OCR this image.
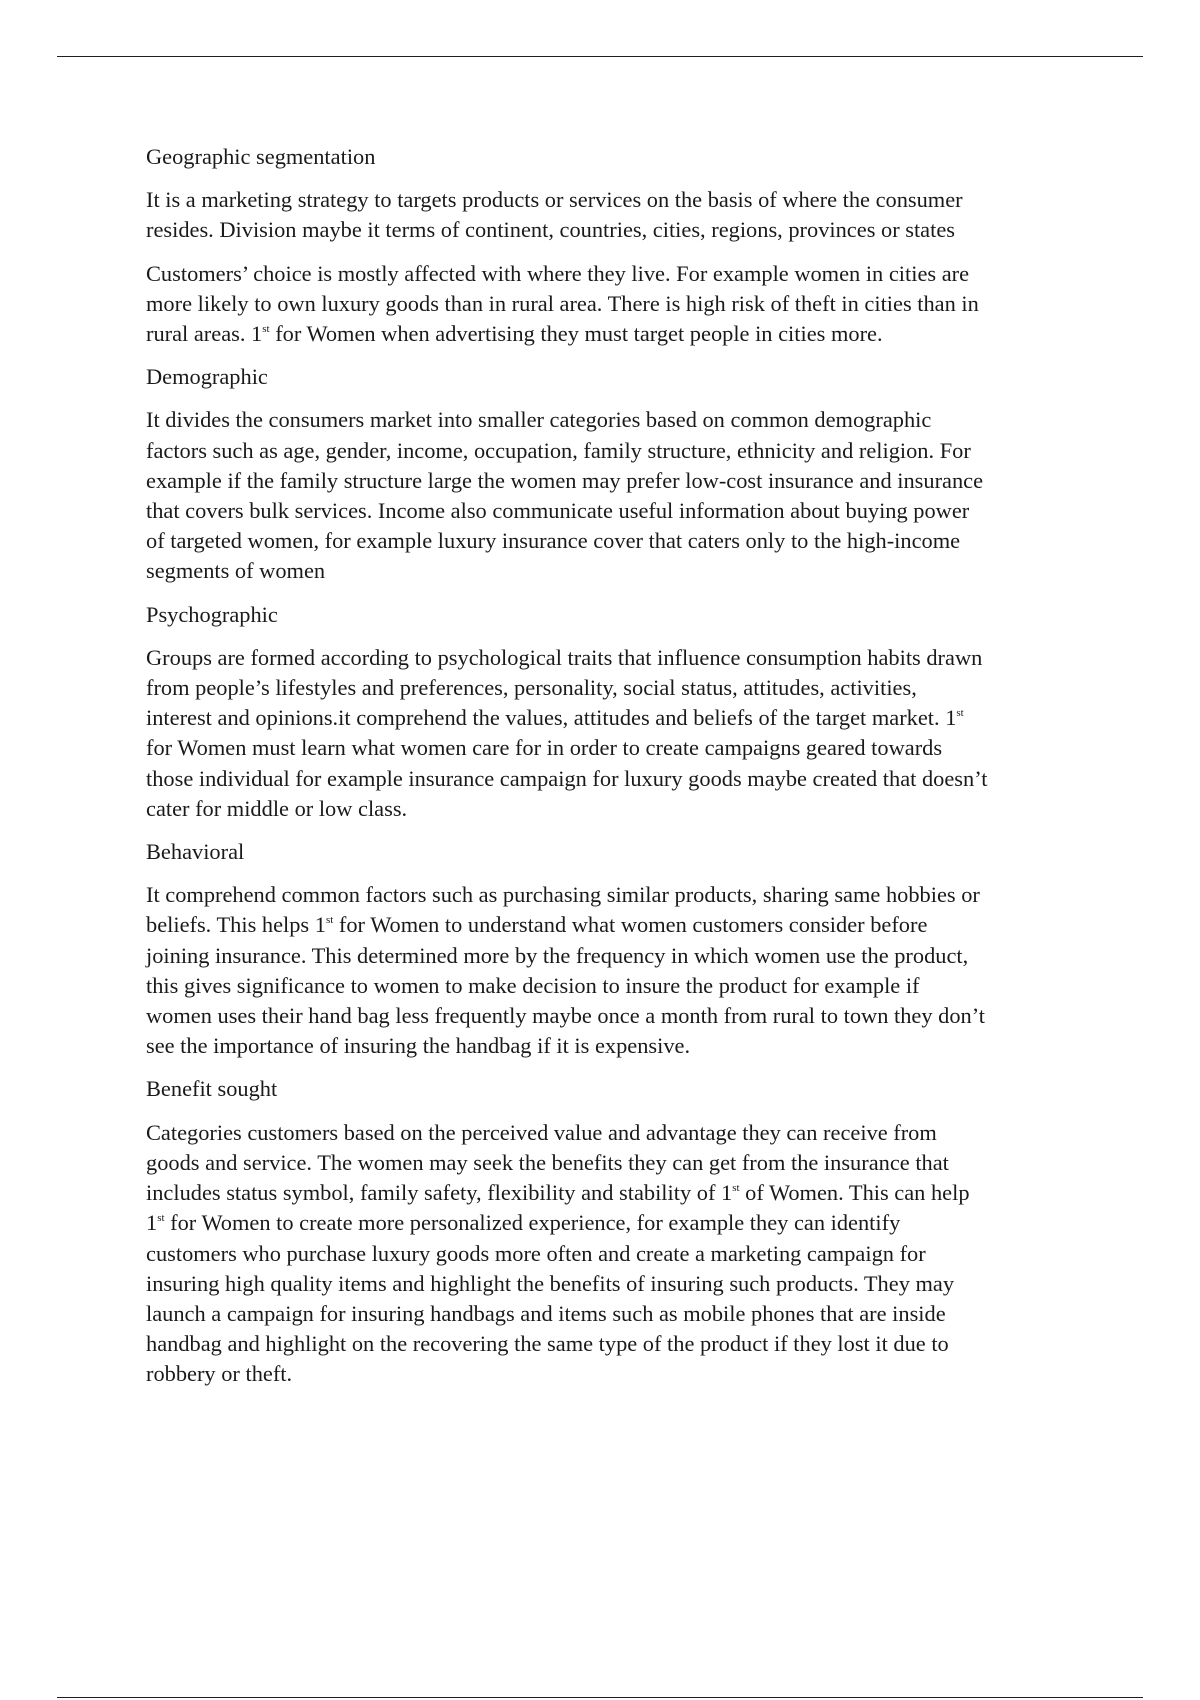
Geographic segmentation

It is a marketing strategy to targets products or services on the basis of where the consumer
resides. Division maybe it terms of continent, countries, cities, regions, provinces or states

Customers’ choice is mostly affected with where they live. For example women in cities are
more likely to own luxury goods than in rural area. There is high risk of theft in cities than in
rural areas. 1st for Women when advertising they must target people in cities more.

Demographic

It divides the consumers market into smaller categories based on common demographic
factors such as age, gender, income, occupation, family structure, ethnicity and religion. For
example if the family structure large the women may prefer low-cost insurance and insurance
that covers bulk services. Income also communicate useful information about buying power
of targeted women, for example luxury insurance cover that caters only to the high-income
segments of women

Psychographic

Groups are formed according to psychological traits that influence consumption habits drawn
from people’s lifestyles and preferences, personality, social status, attitudes, activities,
interest and opinions.it comprehend the values, attitudes and beliefs of the target market. 1st
for Women must learn what women care for in order to create campaigns geared towards
those individual for example insurance campaign for luxury goods maybe created that doesn’t
cater for middle or low class.

Behavioral

It comprehend common factors such as purchasing similar products, sharing same hobbies or
beliefs. This helps 1st for Women to understand what women customers consider before
joining insurance. This determined more by the frequency in which women use the product,
this gives significance to women to make decision to insure the product for example if
women uses their hand bag less frequently maybe once a month from rural to town they don’t
see the importance of insuring the handbag if it is expensive.

Benefit sought

Categories customers based on the perceived value and advantage they can receive from
goods and service. The women may seek the benefits they can get from the insurance that
includes status symbol, family safety, flexibility and stability of 1st of Women. This can help
1st for Women to create more personalized experience, for example they can identify
customers who purchase luxury goods more often and create a marketing campaign for
insuring high quality items and highlight the benefits of insuring such products. They may
launch a campaign for insuring handbags and items such as mobile phones that are inside
handbag and highlight on the recovering the same type of the product if they lost it due to
robbery or theft.
